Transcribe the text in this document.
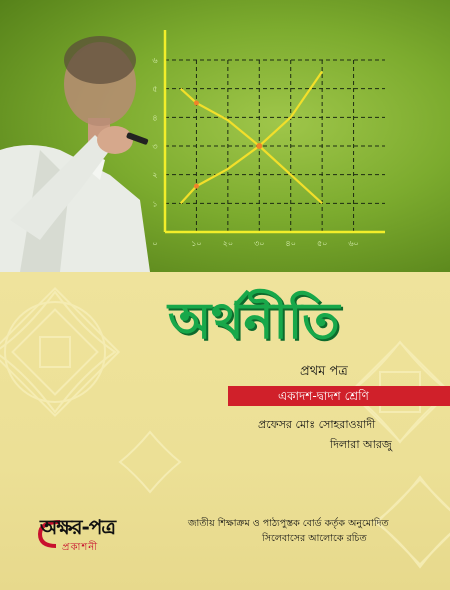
০	১০	২০	৩০	৪০	৫০	৬০
১
২
৩
৪
৫
৬
অর্থনীতি
প্রথম পত্র
একাদশ-দ্বাদশ শ্রেণি
প্রফেসর মোঃ সোহরাওয়াদী
দিলারা আরজু
অক্ষর-পত্র
প্রকাশনী
জাতীয় শিক্ষাক্রম ও পাঠ্যপুস্তক বোর্ড কর্তৃক অনুমোদিত
সিলেবাসের আলোকে রচিত
